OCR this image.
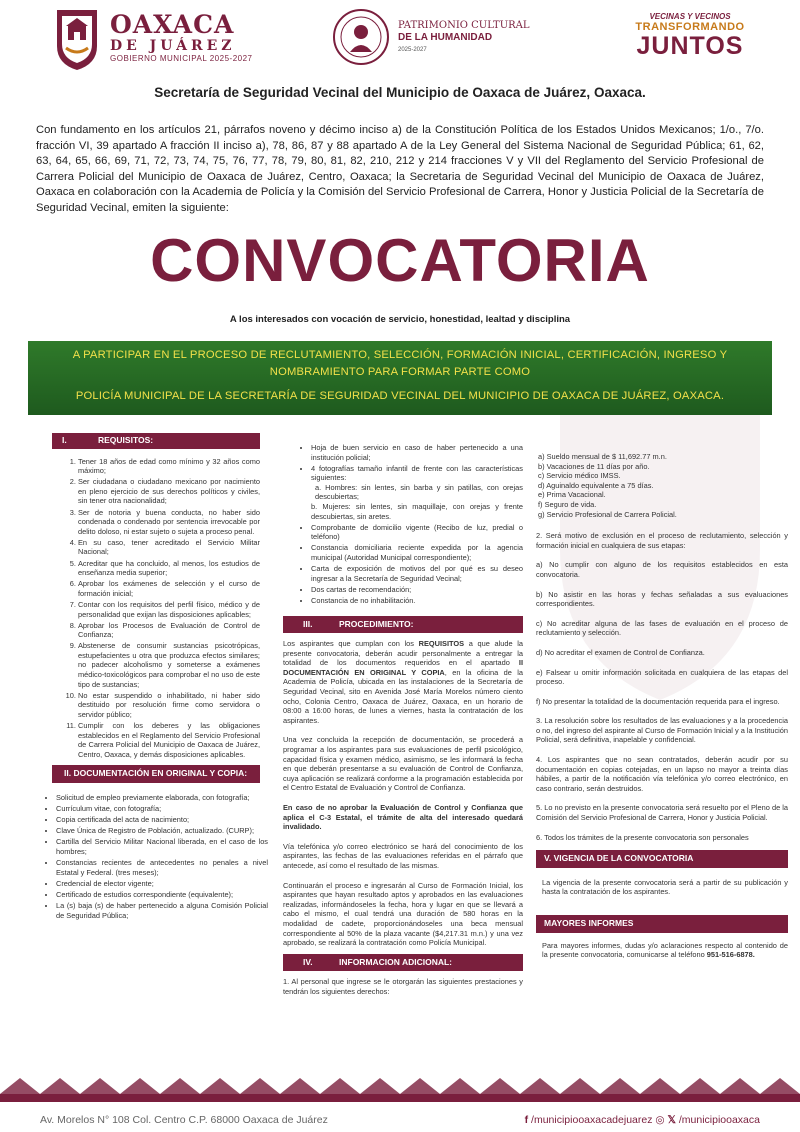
OAXACA
DE JUÁREZ
GOBIERNO MUNICIPAL 2025-2027
PATRIMONIO CULTURAL
DE LA HUMANIDAD
2025-2027
VECINAS Y VECINOS
TRANSFORMANDO
JUNTOS
Secretaría de Seguridad Vecinal del Municipio de Oaxaca de Juárez, Oaxaca.
Con fundamento en los artículos 21, párrafos noveno y décimo inciso a) de la Constitución Política de los Estados Unidos Mexicanos; 1/o., 7/o. fracción VI, 39 apartado A fracción II inciso a), 78, 86, 87 y 88 apartado A de la Ley General del Sistema Nacional de Seguridad Pública; 61, 62, 63, 64, 65, 66, 69, 71, 72, 73, 74, 75, 76, 77, 78, 79, 80, 81, 82, 210, 212 y 214 fracciones V y VII del Reglamento del Servicio Profesional de Carrera Policial del Municipio de Oaxaca de Juárez, Centro, Oaxaca; la Secretaria de Seguridad Vecinal del Municipio de Oaxaca de Juárez, Oaxaca en colaboración con la Academia de Policía y la Comisión del Servicio Profesional de Carrera, Honor y Justicia Policial de la Secretaría de Seguridad Vecinal, emiten la siguiente:
CONVOCATORIA
A los interesados con vocación de servicio, honestidad, lealtad y disciplina
A PARTICIPAR EN EL PROCESO DE RECLUTAMIENTO, SELECCIÓN, FORMACIÓN INICIAL, CERTIFICACIÓN, INGRESO Y
NOMBRAMIENTO PARA FORMAR PARTE COMO
POLICÍA MUNICIPAL DE LA SECRETARÍA DE SEGURIDAD VECINAL DEL MUNICIPIO DE OAXACA DE JUÁREZ, OAXACA.
I.	REQUISITOS:
1. Tener 18 años de edad como mínimo y 32 años como máximo;
2. Ser ciudadana o ciudadano mexicano por nacimiento en pleno ejercicio de sus derechos políticos y civiles, sin tener otra nacionalidad;
3. Ser de notoria y buena conducta, no haber sido condenada o condenado por sentencia irrevocable por delito doloso, ni estar sujeto o sujeta a proceso penal.
4. En su caso, tener acreditado el Servicio Militar Nacional;
5. Acreditar que ha concluido, al menos, los estudios de enseñanza media superior;
6. Aprobar los exámenes de selección y el curso de formación inicial;
7. Contar con los requisitos del perfil físico, médico y de personalidad que exijan las disposiciones aplicables;
8. Aprobar los Procesos de Evaluación de Control de Confianza;
9. Abstenerse de consumir sustancias psicotrópicas, estupefacientes u otra que produzca efectos similares; no padecer alcoholismo y someterse a exámenes médico-toxicológicos para comprobar el no uso de este tipo de sustancias;
10. No estar suspendido o inhabilitado, ni haber sido destituido por resolución firme como servidora o servidor público;
11. Cumplir con los deberes y las obligaciones establecidos en el Reglamento del Servicio Profesional de Carrera Policial del Municipio de Oaxaca de Juárez, Centro, Oaxaca, y demás disposiciones aplicables.
II. DOCUMENTACIÓN EN ORIGINAL Y COPIA:
• Solicitud de empleo previamente elaborada, con fotografía;
• Currículum vitae, con fotografía;
• Copia certificada del acta de nacimiento;
• Clave Única de Registro de Población, actualizado. (CURP);
• Cartilla del Servicio Militar Nacional liberada, en el caso de los hombres;
• Constancias recientes de antecedentes no penales a nivel Estatal y Federal. (tres meses);
• Credencial de elector vigente;
• Certificado de estudios correspondiente (equivalente);
• La (s) baja (s) de haber pertenecido a alguna Comisión Policial de Seguridad Pública;
• Hoja de buen servicio en caso de haber pertenecido a una institución policial;
• 4 fotografías tamaño infantil de frente con las características siguientes:
a. Hombres: sin lentes, sin barba y sin patillas, con orejas descubiertas;
b. Mujeres: sin lentes, sin maquillaje, con orejas y frente descubiertas, sin aretes.
• Comprobante de domicilio vigente (Recibo de luz, predial o teléfono)
• Constancia domiciliaria reciente expedida por la agencia municipal (Autoridad Municipal correspondiente);
• Carta de exposición de motivos del por qué es su deseo ingresar a la Secretaría de Seguridad Vecinal;
• Dos cartas de recomendación;
• Constancia de no inhabilitación.
III.	PROCEDIMIENTO:

Los aspirantes que cumplan con los REQUISITOS a que alude la presente convocatoria, deberán acudir personalmente a entregar la totalidad de los documentos requeridos en el apartado II DOCUMENTACIÓN EN ORIGINAL Y COPIA, en la oficina de la Academia de Policía, ubicada en las instalaciones de la Secretaría de Seguridad Vecinal, sito en Avenida José María Morelos número ciento ocho, Colonia Centro, Oaxaca de Juárez, Oaxaca, en un horario de 08:00 a 16:00 horas, de lunes a viernes, hasta la contratación de los aspirantes.

Una vez concluida la recepción de documentación, se procederá a programar a los aspirantes para sus evaluaciones de perfil psicológico, capacidad física y examen médico, asimismo, se les informará la fecha en que deberán presentarse a su evaluación de Control de Confianza, cuya aplicación se realizará conforme a la programación establecida por el Centro Estatal de Evaluación y Control de Confianza.

En caso de no aprobar la Evaluación de Control y Confianza que aplica el C-3 Estatal, el trámite de alta del interesado quedará invalidado.

Vía telefónica y/o correo electrónico se hará del conocimiento de los aspirantes, las fechas de las evaluaciones referidas en el párrafo que antecede, así como el resultado de las mismas.

Continuarán el proceso e ingresarán al Curso de Formación Inicial, los aspirantes que hayan resultado aptos y aprobados en las evaluaciones realizadas, informándoseles la fecha, hora y lugar en que se llevará a cabo el mismo, el cual tendrá una duración de 580 horas en la modalidad de cadete, proporcionándoseles una beca mensual correspondiente al 50% de la plaza vacante ($4,217.31 m.n.) y una vez aprobado, se realizará la contratación como Policía Municipal.

IV.	INFORMACION ADICIONAL:

1. Al personal que ingrese se le otorgarán las siguientes prestaciones y tendrán los siguientes derechos:

a) Sueldo mensual de $ 11,692.77 m.n.
b) Vacaciones de 11 días por año.
c) Servicio médico IMSS.
d) Aguinaldo equivalente a 75 días.
e) Prima Vacacional.
f) Seguro de vida.
g) Servicio Profesional de Carrera Policial.

2. Será motivo de exclusión en el proceso de reclutamiento, selección y formación inicial en cualquiera de sus etapas:

a) No cumplir con alguno de los requisitos establecidos en esta convocatoria.

b) No asistir en las horas y fechas señaladas a sus evaluaciones correspondientes.

c) No acreditar alguna de las fases de evaluación en el proceso de reclutamiento y selección.

d) No acreditar el examen de Control de Confianza.

e) Falsear u omitir información solicitada en cualquiera de las etapas del proceso.

f) No presentar la totalidad de la documentación requerida para el ingreso.

3. La resolución sobre los resultados de las evaluaciones y a la procedencia o no, del ingreso del aspirante al Curso de Formación Inicial y a la Institución Policial, será definitiva, inapelable y confidencial.

4. Los aspirantes que no sean contratados, deberán acudir por su documentación en copias cotejadas, en un lapso no mayor a treinta días hábiles, a partir de la notificación vía telefónica y/o correo electrónico, en caso contrario, serán destruidos.

5. Lo no previsto en la presente convocatoria será resuelto por el Pleno de la Comisión del Servicio Profesional de Carrera, Honor y Justicia Policial.

6. Todos los trámites de la presente convocatoria son personales

V. VIGENCIA DE LA CONVOCATORIA

La vigencia de la presente convocatoria será a partir de su publicación y hasta la contratación de los aspirantes.

MAYORES INFORMES

Para mayores informes, dudas y/o aclaraciones respecto al contenido de la presente convocatoria, comunicarse al teléfono 951-516-6878.

Av. Morelos N° 108 Col. Centro C.P. 68000 Oaxaca de Juárez	f /municipiooaxacadejuarez ◎ 𝕏 /municipiooaxaca
